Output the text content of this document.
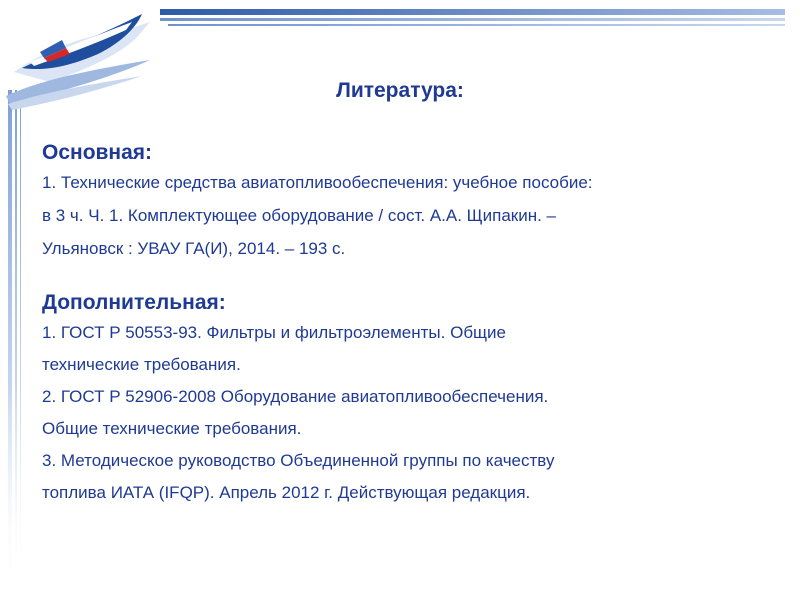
Литература:
Основная:
1. Технические средства авиатопливообеспечения: учебное пособие:
в 3 ч. Ч. 1. Комплектующее оборудование / сост. А.А. Щипакин. –
Ульяновск : УВАУ ГА(И), 2014. – 193 с.
Дополнительная:
1. ГОСТ Р 50553-93. Фильтры и фильтроэлементы. Общие
технические требования.
2. ГОСТ Р 52906-2008 Оборудование авиатопливообеспечения.
Общие технические требования.
3. Методическое руководство Объединенной группы по качеству
топлива ИАТА (IFQP). Апрель 2012 г. Действующая редакция.
